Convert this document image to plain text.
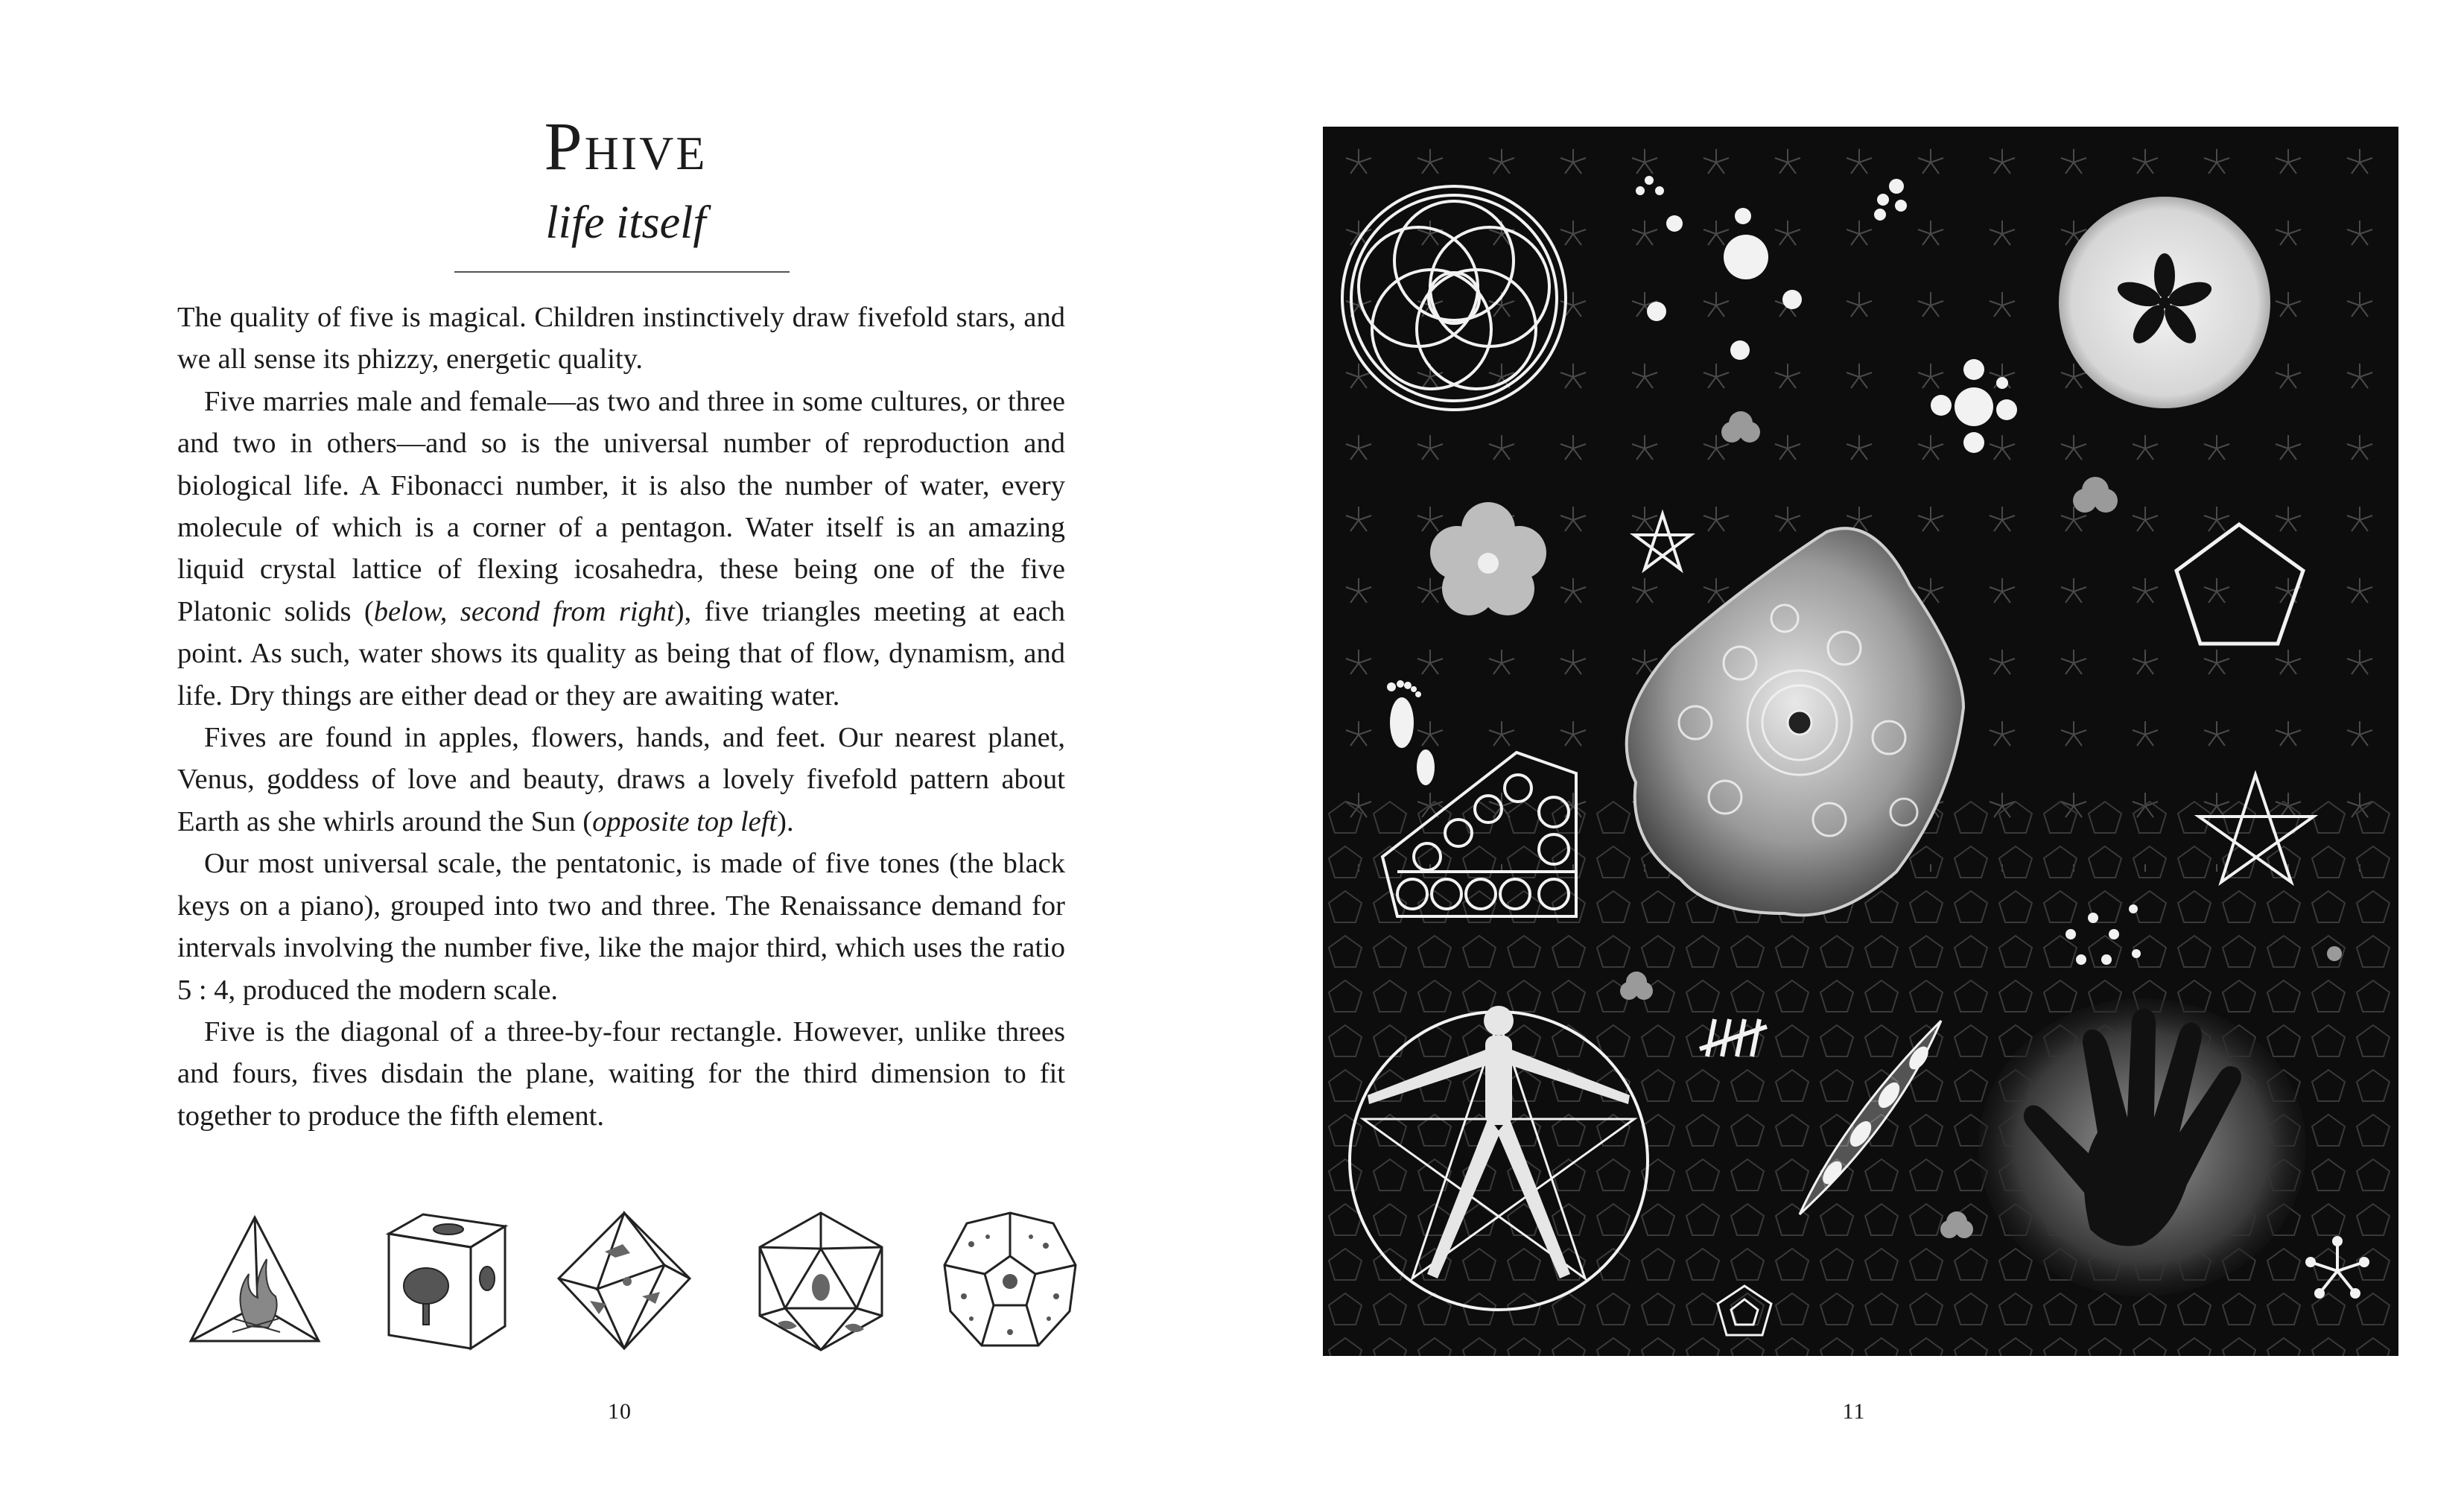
Phive
life itself

The quality of five is magical. Children instinctively draw fivefold stars, and we all sense its phizzy, energetic quality.

Five marries male and female—as two and three in some cultures, or three and two in others—and so is the universal number of reproduction and biological life. A Fibonacci number, it is also the number of water, every molecule of which is a corner of a pentagon. Water itself is an amazing liquid crystal lattice of flexing icosahedra, these being one of the five Platonic solids (below, second from right), five triangles meeting at each point. As such, water shows its quality as being that of flow, dynamism, and life. Dry things are either dead or they are awaiting water.

Fives are found in apples, flowers, hands, and feet. Our nearest planet, Venus, goddess of love and beauty, draws a lovely fivefold pattern about Earth as she whirls around the Sun (opposite top left).

Our most universal scale, the pentatonic, is made of five tones (the black keys on a piano), grouped into two and three. The Renaissance demand for intervals involving the number five, like the major third, which uses the ratio 5 : 4, produced the modern scale.

Five is the diagonal of a three-by-four rectangle. However, unlike threes and fours, fives disdain the plane, waiting for the third dimension to fit together to produce the fifth element.

10	11
